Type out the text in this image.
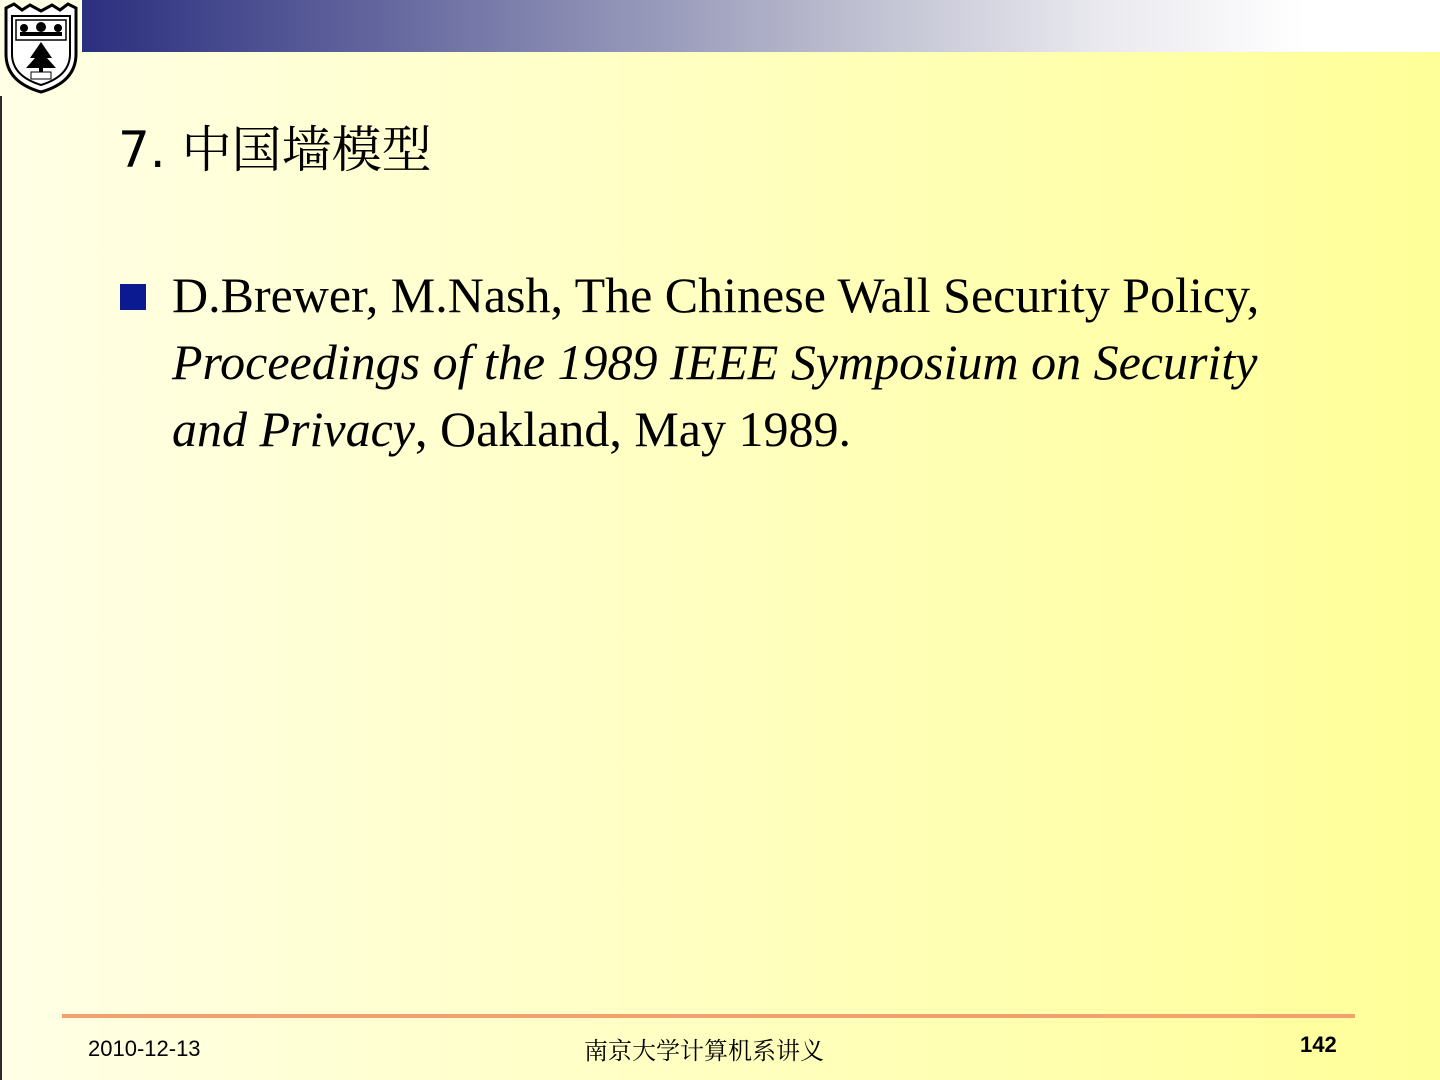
7. 中国墙模型

D.Brewer, M.Nash, The Chinese Wall Security Policy, Proceedings of the 1989 IEEE Symposium on Security and Privacy, Oakland, May 1989.

2010-12-13	南京大学计算机系讲义	142
